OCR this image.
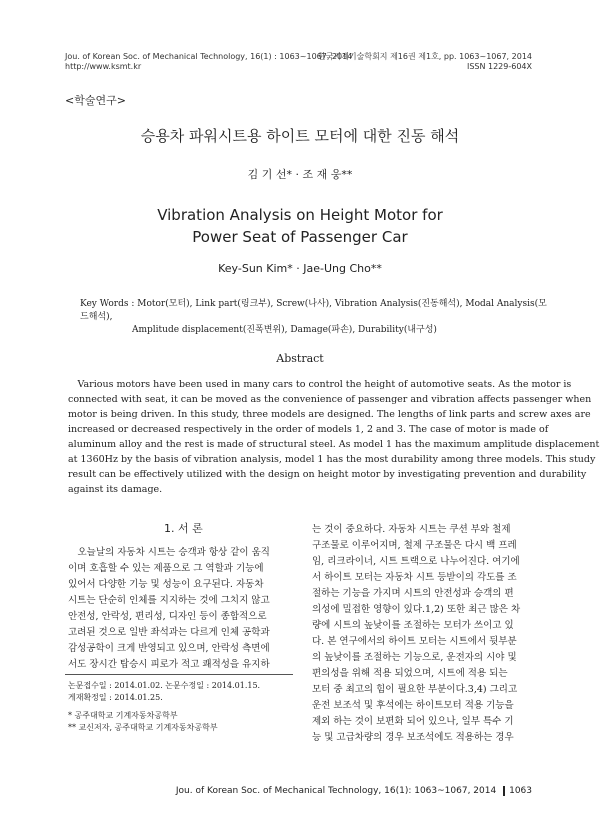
Jou. of Korean Soc. of Mechanical Technology, 16(1) : 1063~1067, 2014
http://www.ksmt.kr
한국기계기술학회지 제16권 제1호, pp. 1063~1067, 2014
ISSN 1229-604X
<학술연구>
승용차 파워시트용 하이트 모터에 대한 진동 해석
김 기 선* · 조 재 웅**
Vibration Analysis on Height Motor for
Power Seat of Passenger Car
Key-Sun Kim* · Jae-Ung Cho**
Key Words : Motor(모터), Link part(링크부), Screw(나사), Vibration Analysis(진동해석), Modal Analysis(모드해석),
Amplitude displacement(진폭변위), Damage(파손), Durability(내구성)
Abstract
Various motors have been used in many cars to control the height of automotive seats. As the motor is
connected with seat, it can be moved as the convenience of passenger and vibration affects passenger when
motor is being driven. In this study, three models are designed. The lengths of link parts and screw axes are
increased or decreased respectively in the order of models 1, 2 and 3. The case of motor is made of
aluminum alloy and the rest is made of structural steel. As model 1 has the maximum amplitude displacement
at 1360Hz by the basis of vibration analysis, model 1 has the most durability among three models. This study
result can be effectively utilized with the design on height motor by investigating prevention and durability
against its damage.
1. 서 론
오늘날의 자동차 시트는 승객과 항상 같이 움직
이며 호흡할 수 있는 제품으로 그 역할과 기능에
있어서 다양한 기능 및 성능이 요구된다. 자동차
시트는 단순히 인체를 지지하는 것에 그치지 않고
안전성, 안락성, 편리성, 디자인 등이 종합적으로
고려된 것으로 일반 좌석과는 다르게 인체 공학과
감성공학이 크게 반영되고 있으며, 안락성 측면에
서도 장시간 탑승시 피로가 적고 쾌적성을 유지하
논문접수일 : 2014.01.02. 논문수정일 : 2014.01.15.
게재확정일 : 2014.01.25.
* 공주대학교 기계자동차공학부
** 교신저자, 공주대학교 기계자동차공학부
는 것이 중요하다. 자동차 시트는 쿠션 부와 철제
구조물로 이루어지며, 철제 구조물은 다시 백 프레
임, 리크라이너, 시트 트랙으로 나누어진다. 여기에
서 하이트 모터는 자동차 시트 등받이의 각도를 조
절하는 기능을 가지며 시트의 안전성과 승객의 편
의성에 밀접한 영향이 있다.1,2) 또한 최근 많은 차
량에 시트의 높낮이를 조절하는 모터가 쓰이고 있
다. 본 연구에서의 하이트 모터는 시트에서 뒷부분
의 높낮이를 조절하는 기능으로, 운전자의 시야 및
편의성을 위해 적용 되었으며, 시트에 적용 되는
모터 중 최고의 힘이 필요한 부분이다.3,4) 그리고
운전 보조석 및 후석에는 하이트모터 적용 기능을
제외 하는 것이 보편화 되어 있으나, 일부 특수 기
능 및 고급차량의 경우 보조석에도 적용하는 경우
Jou. of Korean Soc. of Mechanical Technology, 16(1): 1063~1067, 2014 1063
